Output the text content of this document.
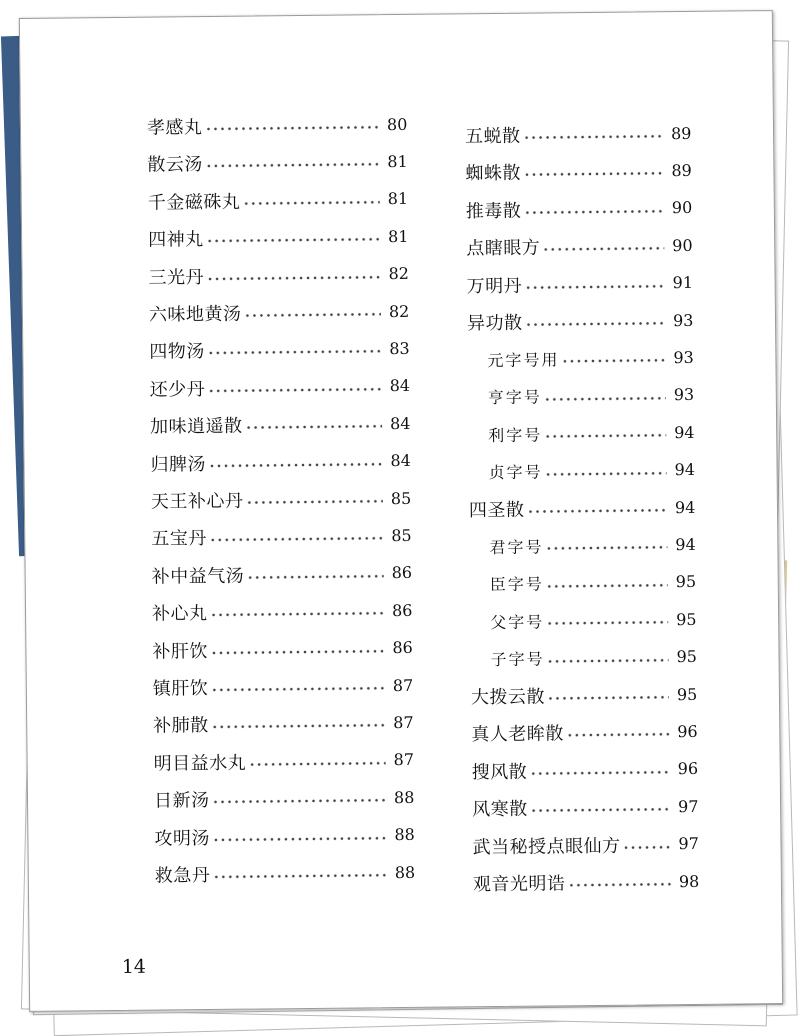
孝感丸	80
散云汤	81
千金磁硃丸	81
四神丸	81
三光丹	82
六味地黄汤	82
四物汤	83
还少丹	84
加味逍遥散	84
归脾汤	84
天王补心丹	85
五宝丹	85
补中益气汤	86
补心丸	86
补肝饮	86
镇肝饮	87
补肺散	87
明目益水丸	87
日新汤	88
攻明汤	88
救急丹	88
五蜕散	89
蜘蛛散	89
推毒散	90
点瞎眼方	90
万明丹	91
异功散	93
元字号用	93
亨字号	93
利字号	94
贞字号	94
四圣散	94
君字号	94
臣字号	95
父字号	95
子字号	95
大拨云散	95
真人老眸散	96
搜风散	96
风寒散	97
武当秘授点眼仙方	97
观音光明诰	98
14
